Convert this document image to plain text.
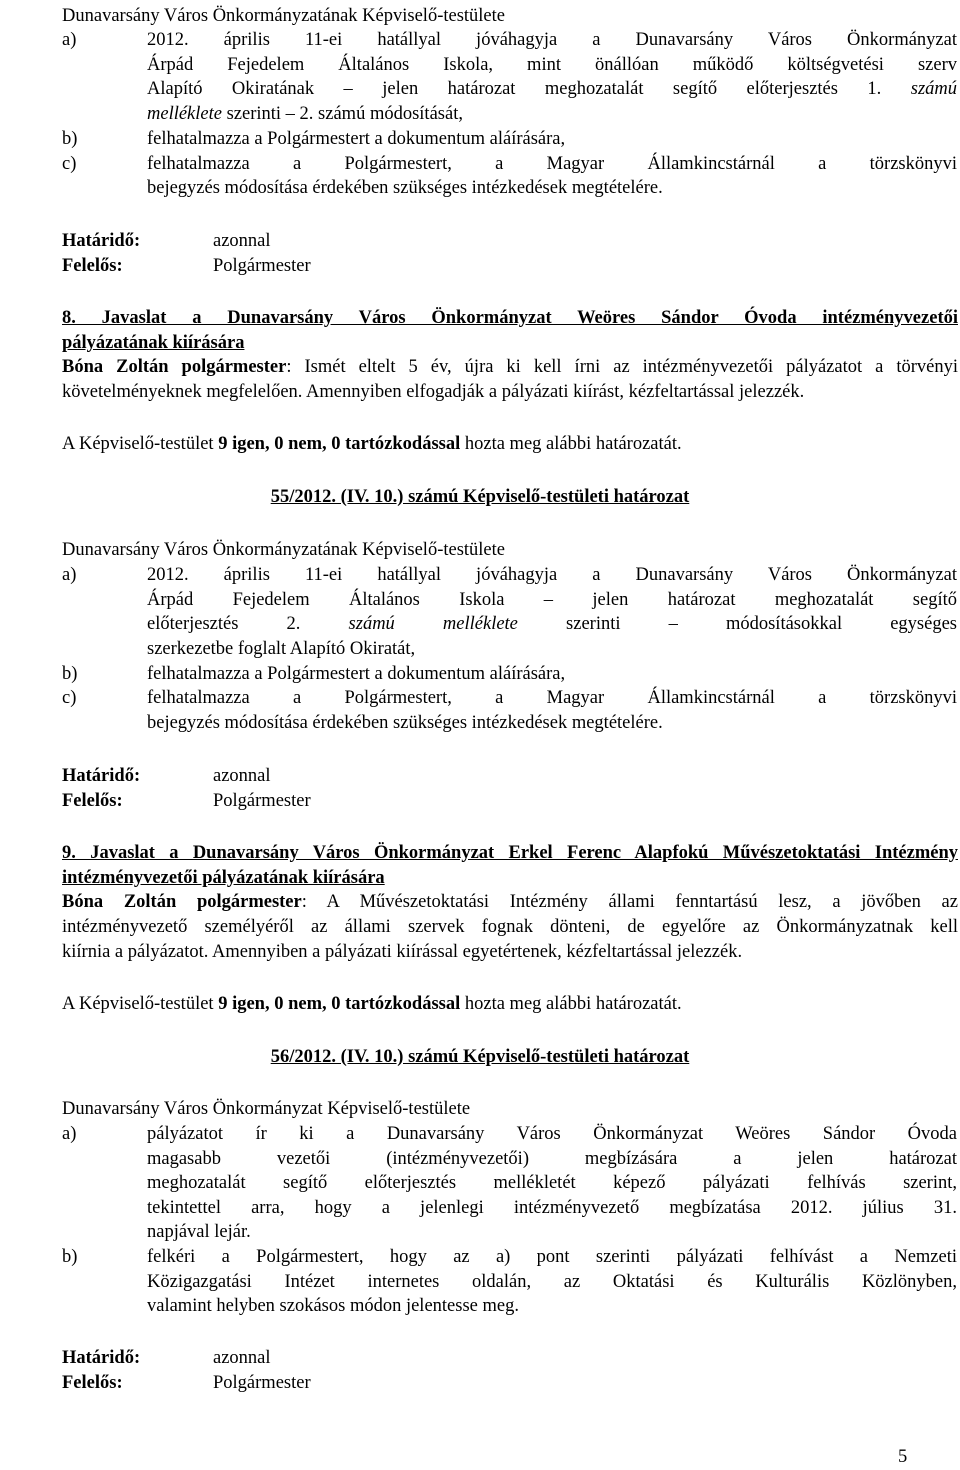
Dunavarsány Város Önkormányzatának Képviselő-testülete
a)	2012. április 11-ei hatállyal jóváhagyja a Dunavarsány Város Önkormányzat
Árpád Fejedelem Általános Iskola, mint önállóan működő költségvetési szerv
Alapító Okiratának – jelen határozat meghozatalát segítő előterjesztés 1. számú
melléklete szerinti – 2. számú módosítását,
b)	felhatalmazza a Polgármestert a dokumentum aláírására,
c)	felhatalmazza a Polgármestert, a Magyar Államkincstárnál a törzskönyvi
bejegyzés módosítása érdekében szükséges intézkedések megtételére.
Határidő:	azonnal
Felelős:	Polgármester
8. Javaslat a Dunavarsány Város Önkormányzat Weöres Sándor Óvoda intézményvezetői
pályázatának kiírására
Bóna Zoltán polgármester: Ismét eltelt 5 év, újra ki kell írni az intézményvezetői pályázatot a törvényi
követelményeknek megfelelően. Amennyiben elfogadják a pályázati kiírást, kézfeltartással jelezzék.
A Képviselő-testület 9 igen, 0 nem, 0 tartózkodással hozta meg alábbi határozatát.
55/2012. (IV. 10.) számú Képviselő-testületi határozat
Dunavarsány Város Önkormányzatának Képviselő-testülete
a)	2012. április 11-ei hatállyal jóváhagyja a Dunavarsány Város Önkormányzat
Árpád Fejedelem Általános Iskola – jelen határozat meghozatalát segítő
előterjesztés 2.	számú melléklete	szerinti – módosításokkal egységes
szerkezetbe foglalt Alapító Okiratát,
b)	felhatalmazza a Polgármestert a dokumentum aláírására,
c)	felhatalmazza a Polgármestert, a Magyar Államkincstárnál a törzskönyvi
bejegyzés módosítása érdekében szükséges intézkedések megtételére.
Határidő:	azonnal
Felelős:	Polgármester
9. Javaslat a Dunavarsány Város Önkormányzat Erkel Ferenc Alapfokú Művészetoktatási Intézmény
intézményvezetői pályázatának kiírására
Bóna Zoltán polgármester: A Művészetoktatási Intézmény állami fenntartású lesz, a jövőben az
intézményvezető személyéről az állami szervek fognak dönteni, de egyelőre az Önkormányzatnak kell
kiírnia a pályázatot. Amennyiben a pályázati kiírással egyetértenek, kézfeltartással jelezzék.
A Képviselő-testület 9 igen, 0 nem, 0 tartózkodással hozta meg alábbi határozatát.
56/2012. (IV. 10.) számú Képviselő-testületi határozat
Dunavarsány Város Önkormányzat Képviselő-testülete
a)	pályázatot ír ki a Dunavarsány Város Önkormányzat Weöres Sándor Óvoda
magasabb vezetői (intézményvezetői) megbízására a jelen határozat
meghozatalát segítő előterjesztés mellékletét képező pályázati felhívás szerint,
tekintettel arra, hogy a jelenlegi intézményvezető megbízatása 2012. július 31.
napjával lejár.
b)	felkéri a Polgármestert, hogy az a) pont szerinti pályázati felhívást a Nemzeti
Közigazgatási Intézet internetes oldalán, az Oktatási és Kulturális Közlönyben,
valamint helyben szokásos módon jelentesse meg.
Határidő:	azonnal
Felelős:	Polgármester
5
